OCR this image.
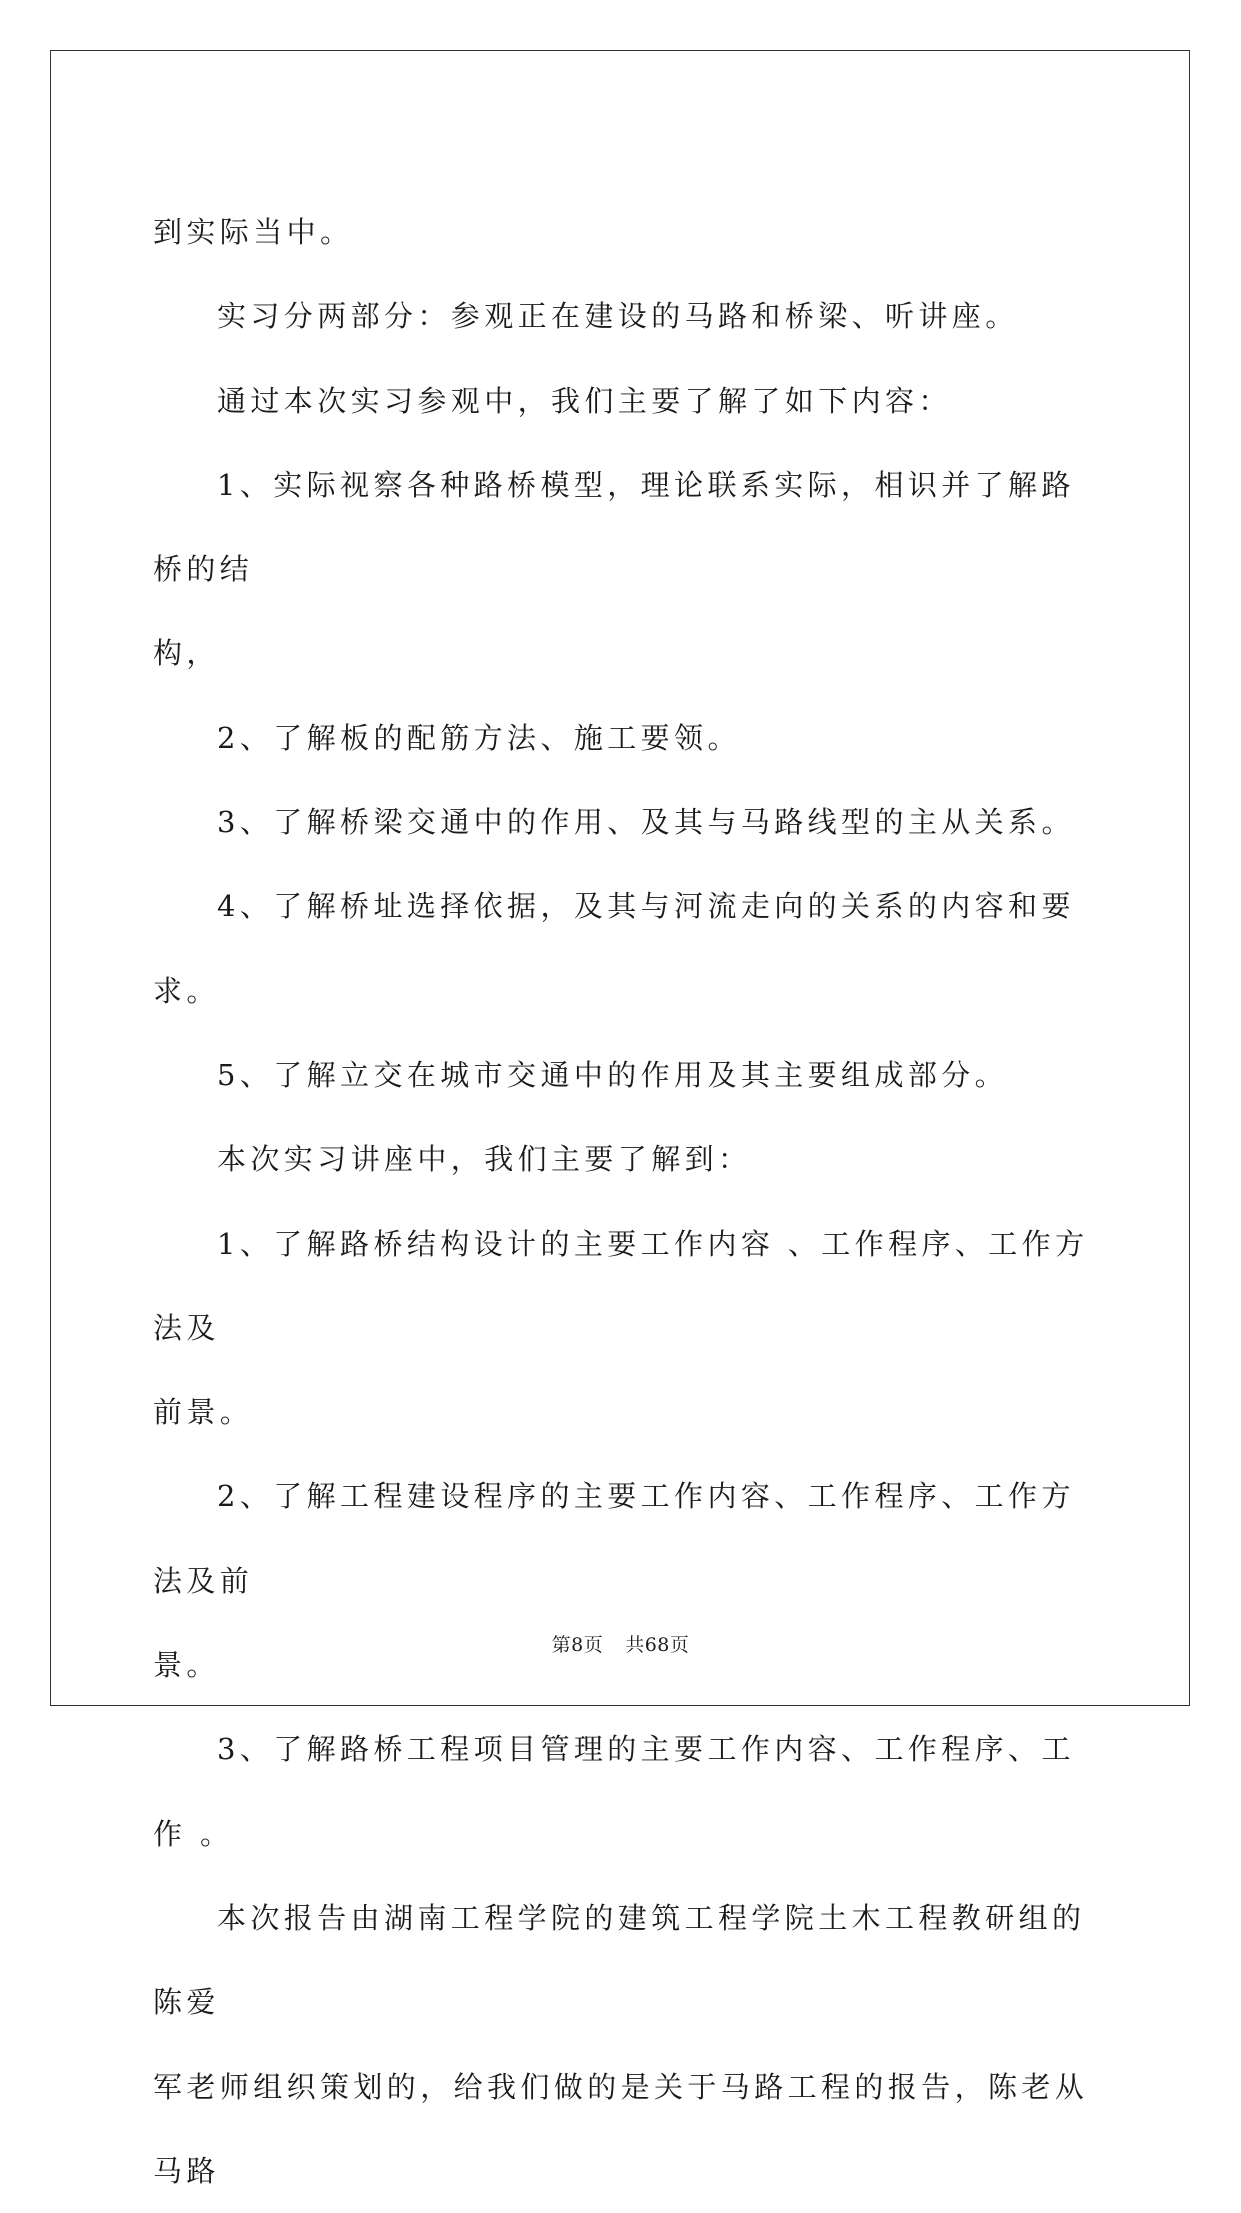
到实际当中。

实习分两部分：参观正在建设的马路和桥梁、听讲座。

通过本次实习参观中，我们主要了解了如下内容：

1、实际视察各种路桥模型，理论联系实际，相识并了解路桥的结

构，

2、了解板的配筋方法、施工要领。

3、了解桥梁交通中的作用、及其与马路线型的主从关系。

4、了解桥址选择依据，及其与河流走向的关系的内容和要求。

5、了解立交在城市交通中的作用及其主要组成部分。

本次实习讲座中，我们主要了解到：

1、了解路桥结构设计的主要工作内容 、工作程序、工作方法及

前景。

2、了解工程建设程序的主要工作内容、工作程序、工作方法及前

景。

3、了解路桥工程项目管理的主要工作内容、工作程序、工作 。

本次报告由湖南工程学院的建筑工程学院土木工程教研组的陈爱

军老师组织策划的，给我们做的是关于马路工程的报告，陈老从马路

第8页 共68页
